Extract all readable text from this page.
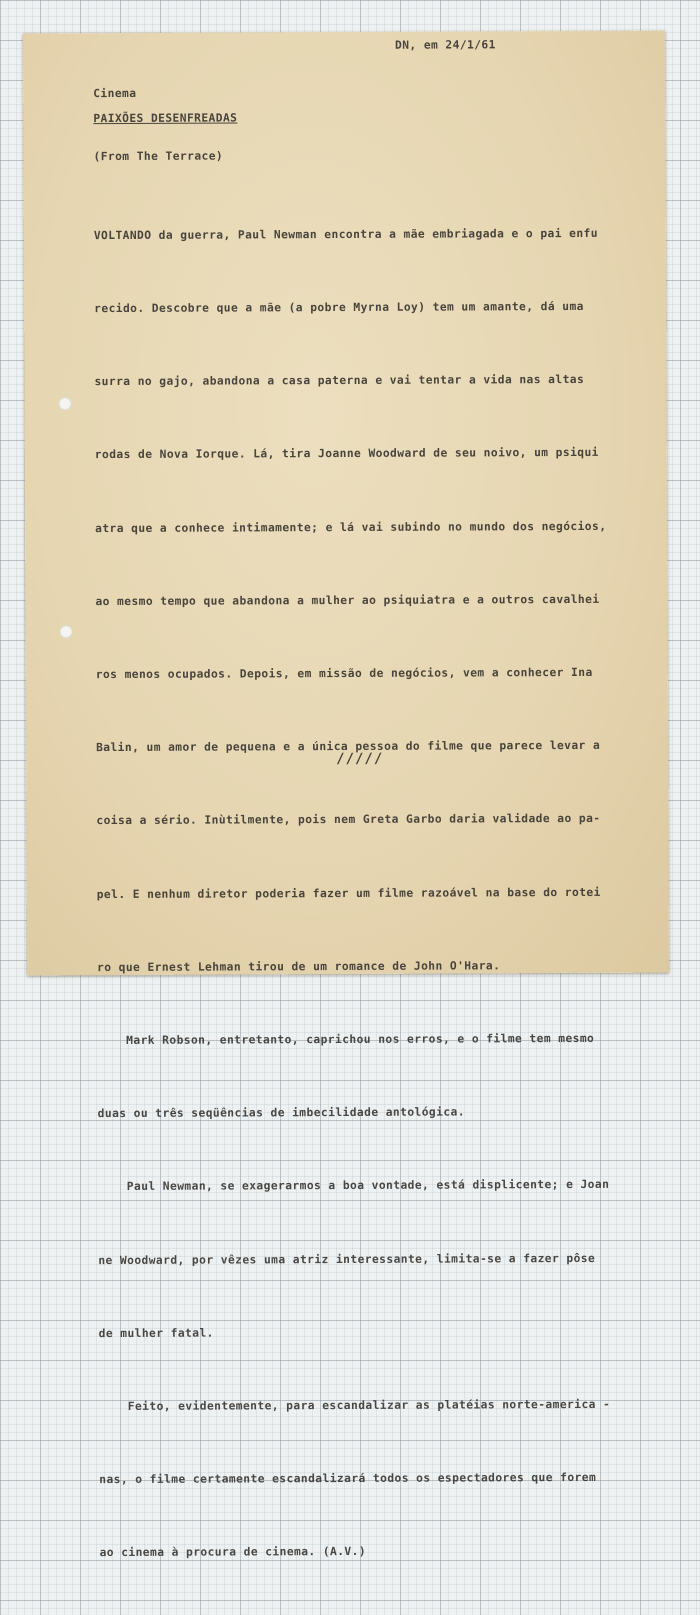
DN, em 24/1/61
Cinema
PAIXÕES DESENFREADAS
(From The Terrace)

VOLTANDO da guerra, Paul Newman encontra a mãe embriagada e o pai enfu

recido. Descobre que a mãe (a pobre Myrna Loy) tem um amante, dá uma

surra no gajo, abandona a casa paterna e vai tentar a vida nas altas

rodas de Nova Iorque. Lá, tira Joanne Woodward de seu noivo, um psiqui

atra que a conhece intimamente; e lá vai subindo no mundo dos negócios,

ao mesmo tempo que abandona a mulher ao psiquiatra e a outros cavalhei

ros menos ocupados. Depois, em missão de negócios, vem a conhecer Ina

Balin, um amor de pequena e a única pessoa do filme que parece levar a

coisa a sério. Inùtilmente, pois nem Greta Garbo daria validade ao pa-

pel. E nenhum diretor poderia fazer um filme razoável na base do rotei

ro que Ernest Lehman tirou de um romance de John O'Hara.

Mark Robson, entretanto, caprichou nos erros, e o filme tem mesmo

duas ou três seqüências de imbecilidade antológica.

Paul Newman, se exagerarmos a boa vontade, está displicente; e Joan

ne Woodward, por vêzes uma atriz interessante, limita-se a fazer pôse

de mulher fatal.

Feito, evidentemente, para escandalizar as platéias norte-america -

nas, o filme certamente escandalizará todos os espectadores que forem

ao cinema à procura de cinema. (A.V.)

/////
